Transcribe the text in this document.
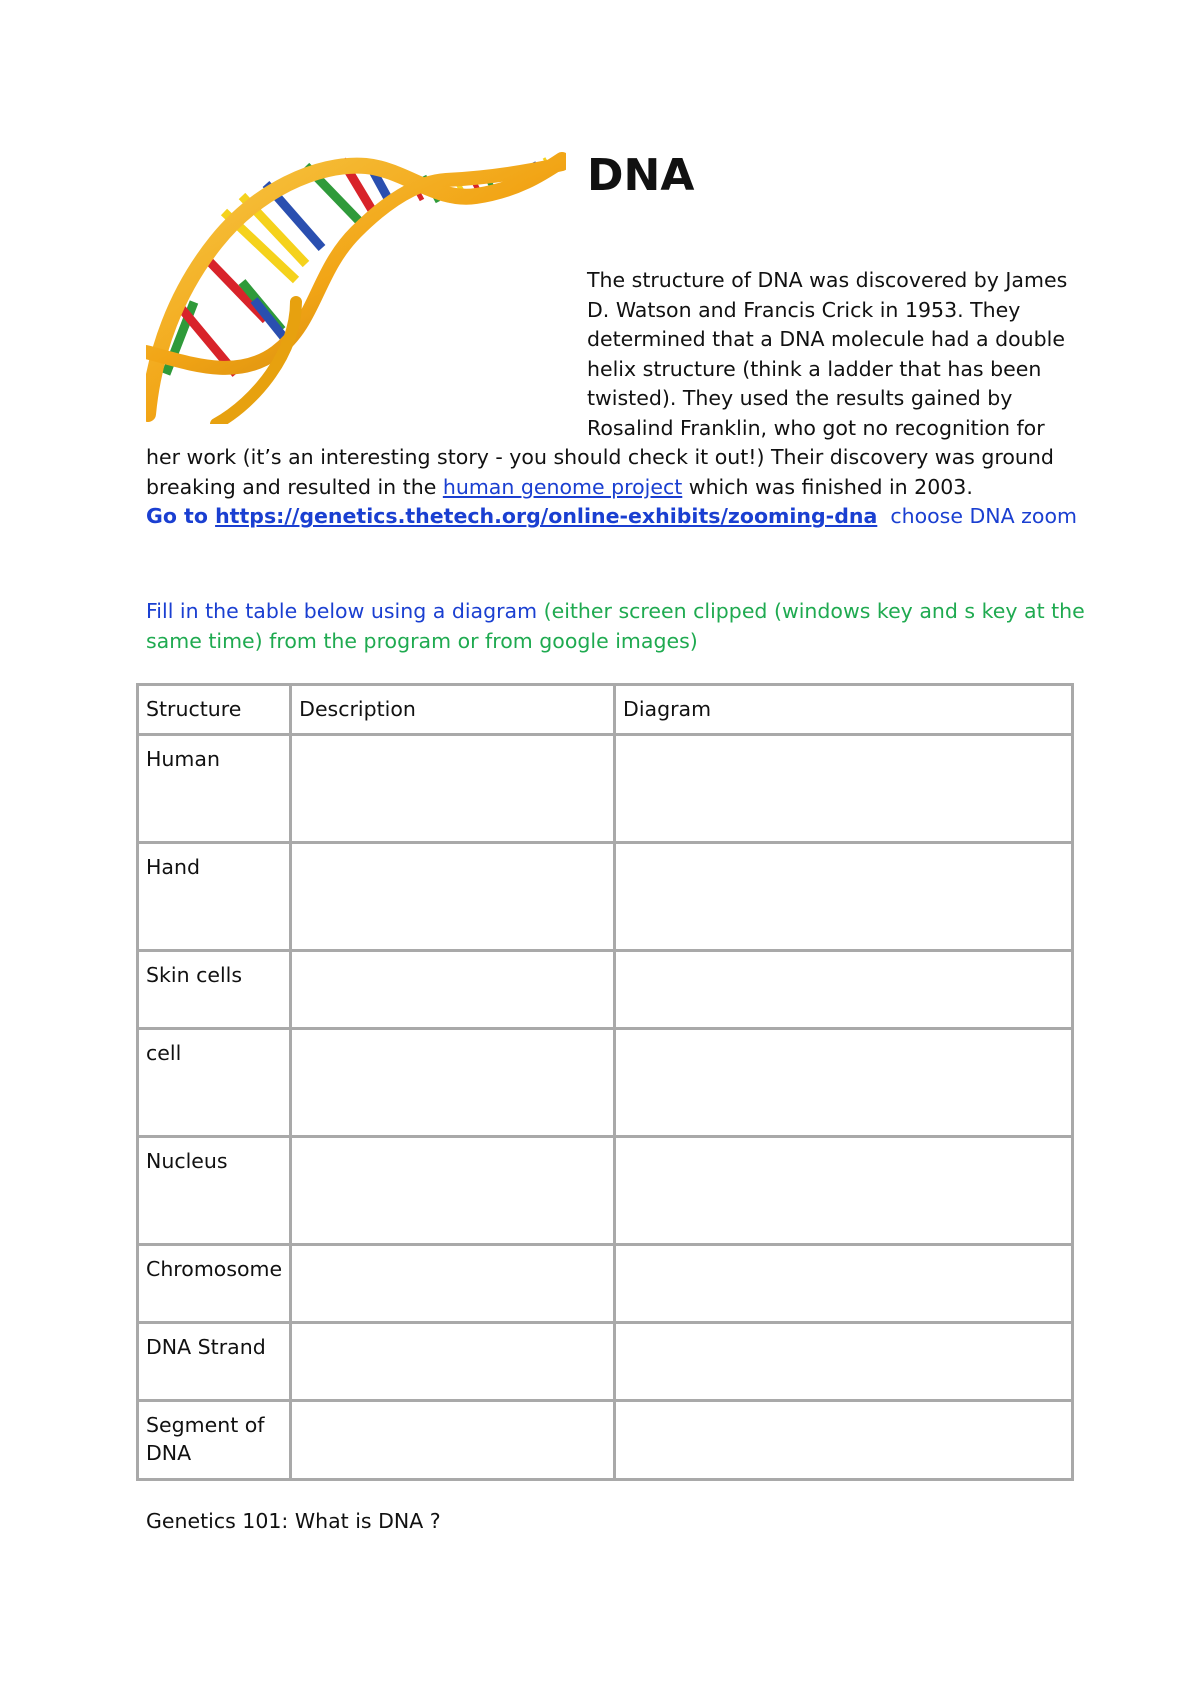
DNA
The structure of DNA was discovered by James
D. Watson and Francis Crick in 1953. They
determined that a DNA molecule had a double
helix structure (think a ladder that has been
twisted). They used the results gained by
Rosalind Franklin, who got no recognition for
her work (it’s an interesting story - you should check it out!) Their discovery was ground
breaking and resulted in the human genome project which was finished in 2003.
Go to https://genetics.thetech.org/online-exhibits/zooming-dna  choose DNA zoom
Fill in the table below using a diagram (either screen clipped (windows key and s key at the
same time) from the program or from google images)
Structure	Description	Diagram
Human		
Hand		
Skin cells		
cell		
Nucleus		
Chromosome		
DNA Strand		
Segment of DNA		
Genetics 101: What is DNA ?
